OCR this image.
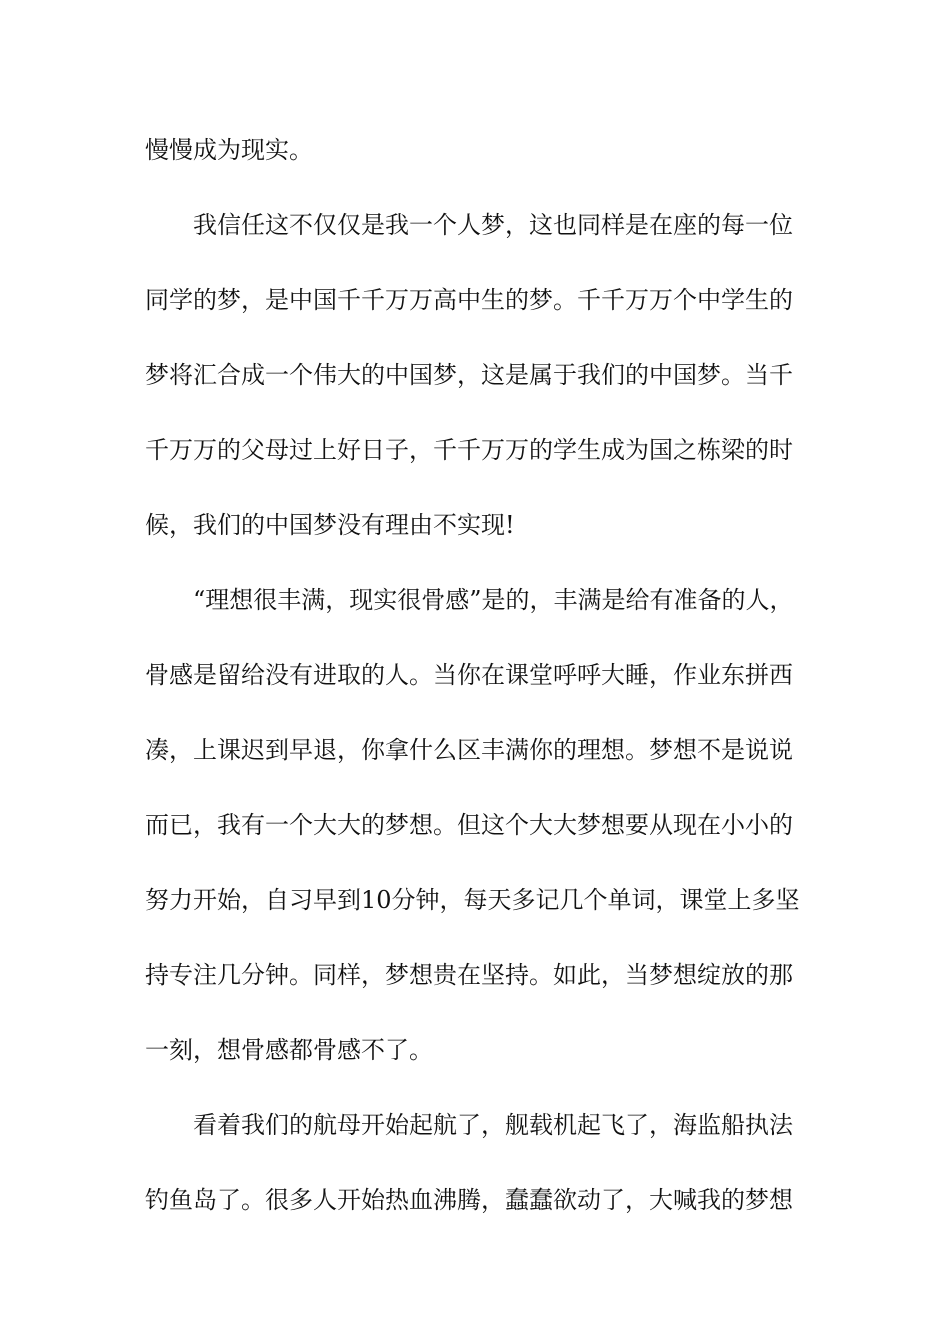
慢慢成为现实。
我信任这不仅仅是我一个人梦，这也同样是在座的每一位
同学的梦，是中国千千万万高中生的梦。千千万万个中学生的
梦将汇合成一个伟大的中国梦，这是属于我们的中国梦。当千
千万万的父母过上好日子，千千万万的学生成为国之栋梁的时
候，我们的中国梦没有理由不实现!
“理想很丰满，现实很骨感”是的，丰满是给有准备的人，
骨感是留给没有进取的人。当你在课堂呼呼大睡，作业东拼西
凑，上课迟到早退，你拿什么区丰满你的理想。梦想不是说说
而已，我有一个大大的梦想。但这个大大梦想要从现在小小的
努力开始，自习早到10分钟，每天多记几个单词，课堂上多坚
持专注几分钟。同样，梦想贵在坚持。如此，当梦想绽放的那
一刻，想骨感都骨感不了。
看着我们的航母开始起航了，舰载机起飞了，海监船执法
钓鱼岛了。很多人开始热血沸腾，蠢蠢欲动了，大喊我的梦想
